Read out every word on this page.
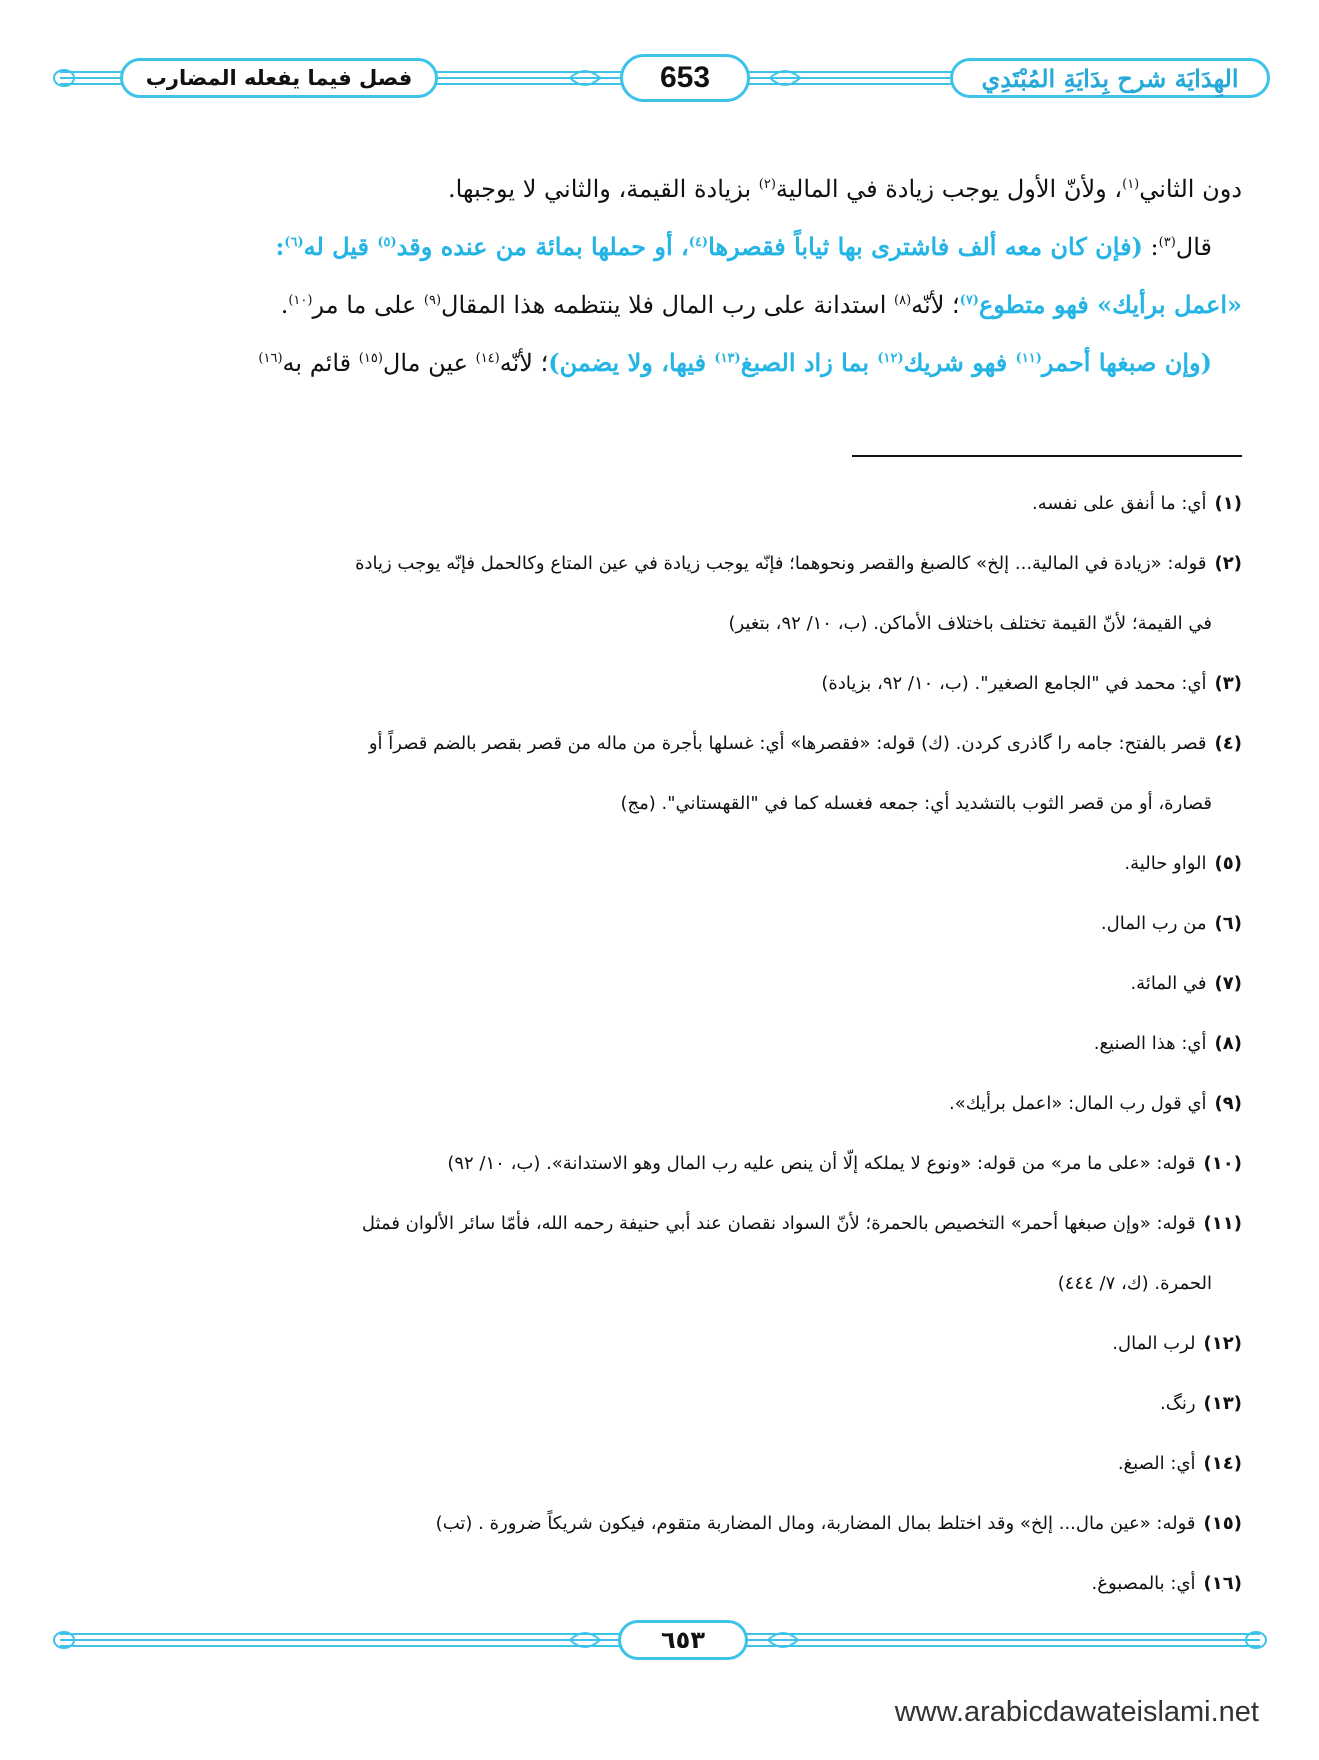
الهِدَايَة شرح بِدَايَةِ المُبْتَدِي
653
فصل فيما يفعله المضارب
دون الثاني$^{(١)}$، ولأنّ الأول يوجب زيادة في المالية$^{(٢)}$ بزيادة القيمة، والثاني لا يوجبها.
قال$^{(٣)}$: (فإن كان معه ألف فاشترى بها ثياباً فقصرها$^{(٤)}$، أو حملها بمائة من عنده وقد$^{(٥)}$ قيل له$^{(٦)}$:
«اعمل برأيك» فهو متطوع$^{(٧)}$؛ لأنّه$^{(٨)}$ استدانة على رب المال فلا ينتظمه هذا المقال$^{(٩)}$ على ما مر$^{(١٠)}$.
(وإن صبغها أحمر$^{(١١)}$ فهو شريك$^{(١٢)}$ بما زاد الصبغ$^{(١٣)}$ فيها، ولا يضمن)؛ لأنّه$^{(١٤)}$ عين مال$^{(١٥)}$ قائم به$^{(١٦)}$
(١)أي: ما أنفق على نفسه.
(٢)قوله: «زيادة في المالية... إلخ» كالصبغ والقصر ونحوهما؛ فإنّه يوجب زيادة في عين المتاع وكالحمل فإنّه يوجب زيادة
في القيمة؛ لأنّ القيمة تختلف باختلاف الأماكن. (ب، ١٠/ ٩٢، بتغير)
(٣)أي: محمد في "الجامع الصغير". (ب، ١٠/ ٩٢، بزيادة)
(٤)قصر بالفتح: جامه را گاذرى كردن. (ك) قوله: «فقصرها» أي: غسلها بأجرة من ماله من قصر بقصر بالضم قصراً أو
قصارة، أو من قصر الثوب بالتشديد أي: جمعه فغسله كما في "القهستاني". (مج)
(٥)الواو حالية.
(٦)من رب المال.
(٧)في المائة.
(٨)أي: هذا الصنيع.
(٩)أي قول رب المال: «اعمل برأيك».
(١٠)قوله: «على ما مر» من قوله: «ونوع لا يملكه إلّا أن ينص عليه رب المال وهو الاستدانة». (ب، ١٠/ ٩٢)
(١١)قوله: «وإن صبغها أحمر» التخصيص بالحمرة؛ لأنّ السواد نقصان عند أبي حنيفة رحمه الله، فأمّا سائر الألوان فمثل
الحمرة. (ك، ٧/ ٤٤٤)
(١٢)لرب المال.
(١٣)رنگ.
(١٤)أي: الصبغ.
(١٥)قوله: «عين مال... إلخ» وقد اختلط بمال المضاربة، ومال المضاربة متقوم، فيكون شريكاً ضرورة . (تب)
(١٦)أي: بالمصبوغ.
٦٥٣
www.arabicdawateislami.net
